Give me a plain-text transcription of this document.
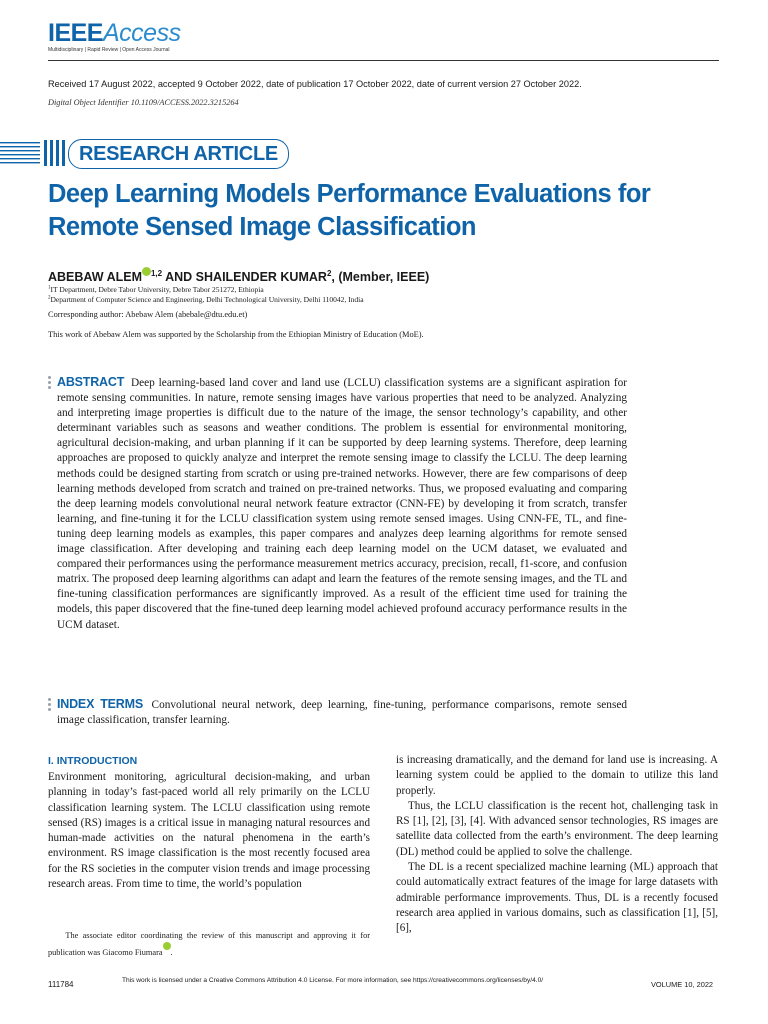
IEEEAccess
Multidisciplinary | Rapid Review | Open Access Journal
Received 17 August 2022, accepted 9 October 2022, date of publication 17 October 2022, date of current version 27 October 2022.
Digital Object Identifier 10.1109/ACCESS.2022.3215264
RESEARCH ARTICLE
Deep Learning Models Performance Evaluations for Remote Sensed Image Classification
ABEBAW ALEM $^{1,2}$ AND SHAILENDER KUMAR$^2$, (Member, IEEE)
$^1$IT Department, Debre Tabor University, Debre Tabor 251272, Ethiopia
$^2$Department of Computer Science and Engineering, Delhi Technological University, Delhi 110042, India
Corresponding author: Abebaw Alem (abebale@dtu.edu.et)
This work of Abebaw Alem was supported by the Scholarship from the Ethiopian Ministry of Education (MoE).
ABSTRACT Deep learning-based land cover and land use (LCLU) classification systems are a significant aspiration for remote sensing communities. In nature, remote sensing images have various properties that need to be analyzed. Analyzing and interpreting image properties is difficult due to the nature of the image, the sensor technology’s capability, and other determinant variables such as seasons and weather conditions. The problem is essential for environmental monitoring, agricultural decision-making, and urban planning if it can be supported by deep learning systems. Therefore, deep learning approaches are proposed to quickly analyze and interpret the remote sensing image to classify the LCLU. The deep learning methods could be designed starting from scratch or using pre-trained networks. However, there are few comparisons of deep learning methods developed from scratch and trained on pre-trained networks. Thus, we proposed evaluating and comparing the deep learning models convolutional neural network feature extractor (CNN-FE) by developing it from scratch, transfer learning, and fine-tuning it for the LCLU classification system using remote sensed images. Using CNN-FE, TL, and fine-tuning deep learning models as examples, this paper compares and analyzes deep learning algorithms for remote sensed image classification. After developing and training each deep learning model on the UCM dataset, we evaluated and compared their performances using the performance measurement metrics accuracy, precision, recall, f1-score, and confusion matrix. The proposed deep learning algorithms can adapt and learn the features of the remote sensing images, and the TL and fine-tuning classification performances are significantly improved. As a result of the efficient time used for training the models, this paper discovered that the fine-tuned deep learning model achieved profound accuracy performance results in the UCM dataset.
INDEX TERMS Convolutional neural network, deep learning, fine-tuning, performance comparisons, remote sensed image classification, transfer learning.
I. INTRODUCTION
Environment monitoring, agricultural decision-making, and urban planning in today’s fast-paced world all rely primarily on the LCLU classification learning system. The LCLU classification using remote sensed (RS) images is a critical issue in managing natural resources and human-made activities on the natural phenomena in the earth’s environment. RS image classification is the most recently focused area for the RS societies in the computer vision trends and image processing research areas. From time to time, the world’s population

is increasing dramatically, and the demand for land use is increasing. A learning system could be applied to the domain to utilize this land properly.

Thus, the LCLU classification is the recent hot, challenging task in RS [1], [2], [3], [4]. With advanced sensor technologies, RS images are satellite data collected from the earth’s environment. The deep learning (DL) method could be applied to solve the challenge.

The DL is a recent specialized machine learning (ML) approach that could automatically extract features of the image for large datasets with admirable performance improvements. Thus, DL is a recently focused research area applied in various domains, such as classification [1], [5], [6],

The associate editor coordinating the review of this manuscript and approving it for publication was Giacomo Fiumara .
111784	This work is licensed under a Creative Commons Attribution 4.0 License. For more information, see https://creativecommons.org/licenses/by/4.0/	VOLUME 10, 2022
